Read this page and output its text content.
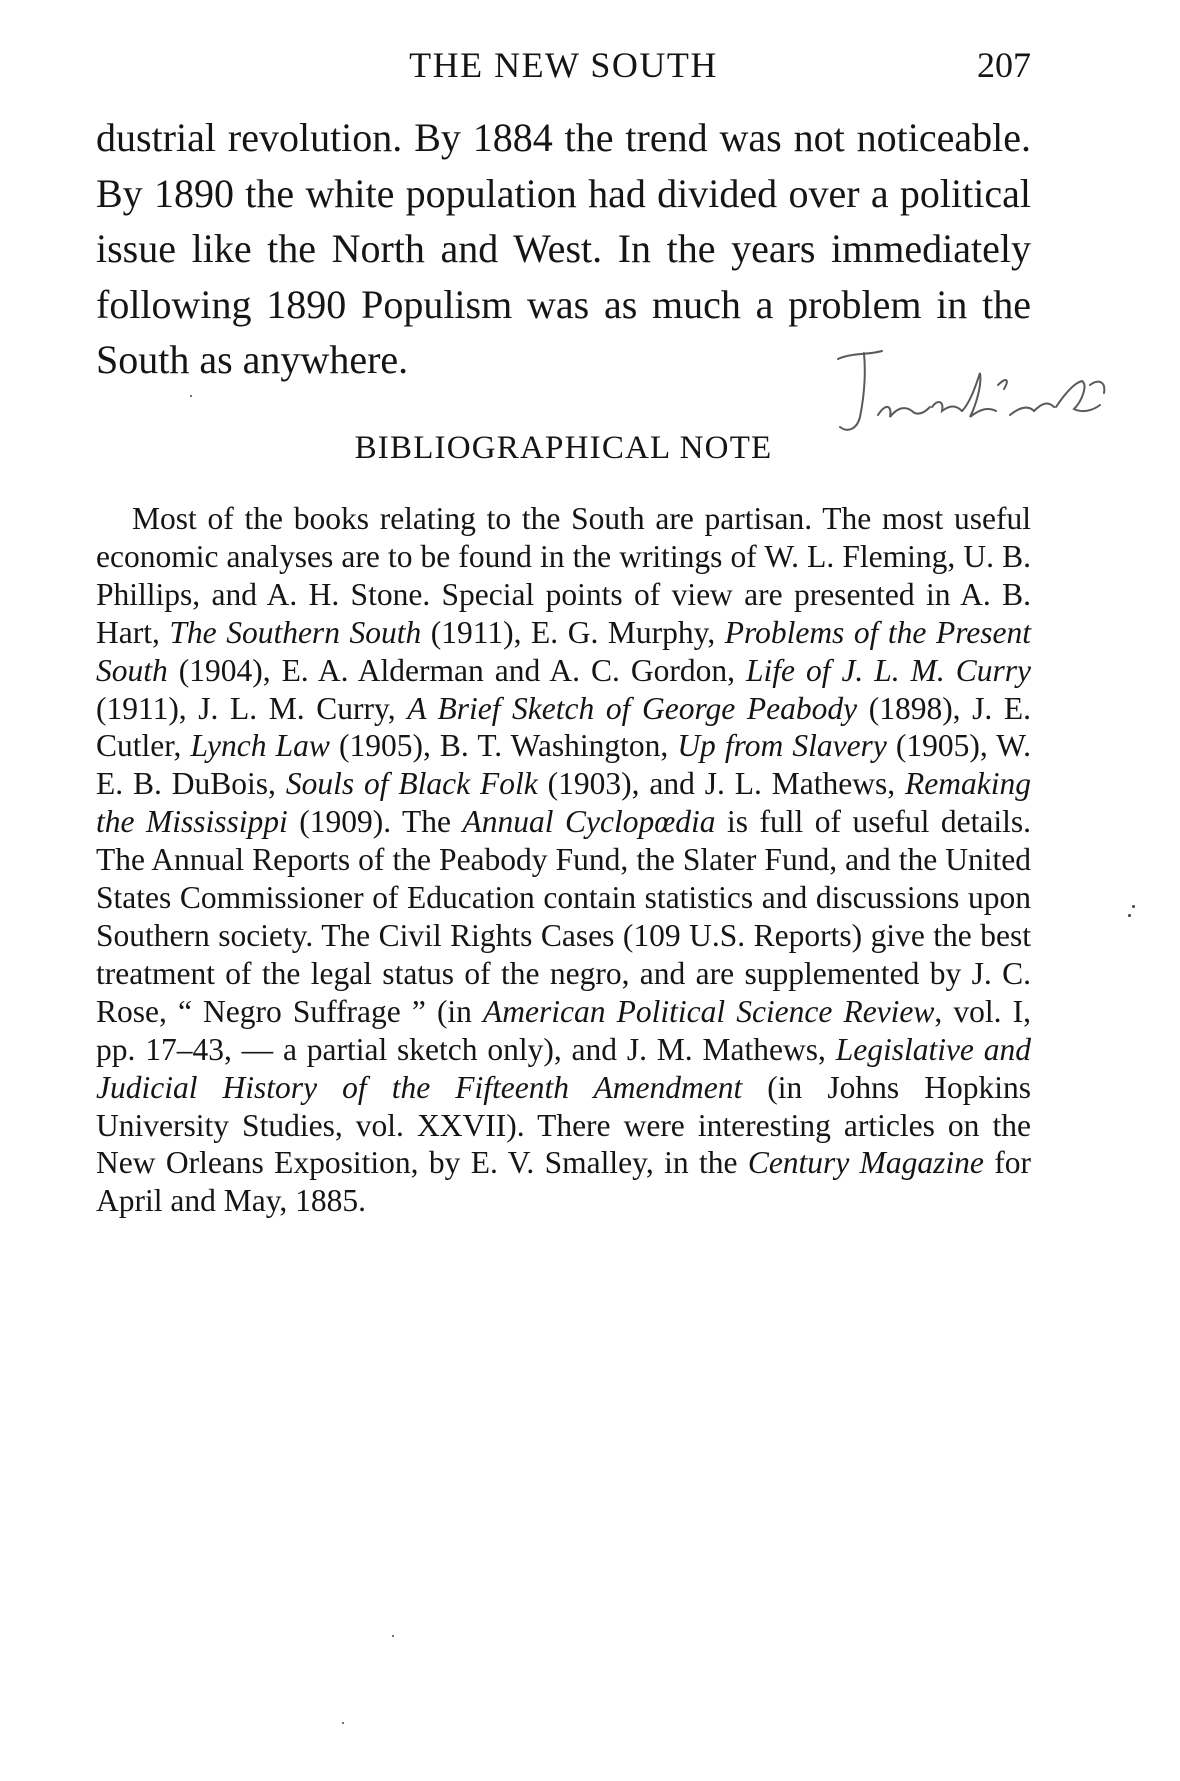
THE NEW SOUTH	207

dustrial revolution. By 1884 the trend was not noticeable. By 1890 the white population had divided over a political issue like the North and West. In the years immediately following 1890 Populism was as much a problem in the South as anywhere.

BIBLIOGRAPHICAL NOTE

Most of the books relating to the South are partisan. The most useful economic analyses are to be found in the writings of W. L. Fleming, U. B. Phillips, and A. H. Stone. Special points of view are presented in A. B. Hart, The Southern South (1911), E. G. Murphy, Problems of the Present South (1904), E. A. Alderman and A. C. Gordon, Life of J. L. M. Curry (1911), J. L. M. Curry, A Brief Sketch of George Peabody (1898), J. E. Cutler, Lynch Law (1905), B. T. Washington, Up from Slavery (1905), W. E. B. DuBois, Souls of Black Folk (1903), and J. L. Mathews, Remaking the Mississippi (1909). The Annual Cyclopœdia is full of useful details. The Annual Reports of the Peabody Fund, the Slater Fund, and the United States Commissioner of Education contain statistics and discussions upon Southern society. The Civil Rights Cases (109 U.S. Reports) give the best treatment of the legal status of the negro, and are supplemented by J. C. Rose, “ Negro Suffrage ” (in American Political Science Review, vol. I, pp. 17–43, — a partial sketch only), and J. M. Mathews, Legislative and Judicial History of the Fifteenth Amendment (in Johns Hopkins University Studies, vol. XXVII). There were interesting articles on the New Orleans Exposition, by E. V. Smalley, in the Century Magazine for April and May, 1885.
